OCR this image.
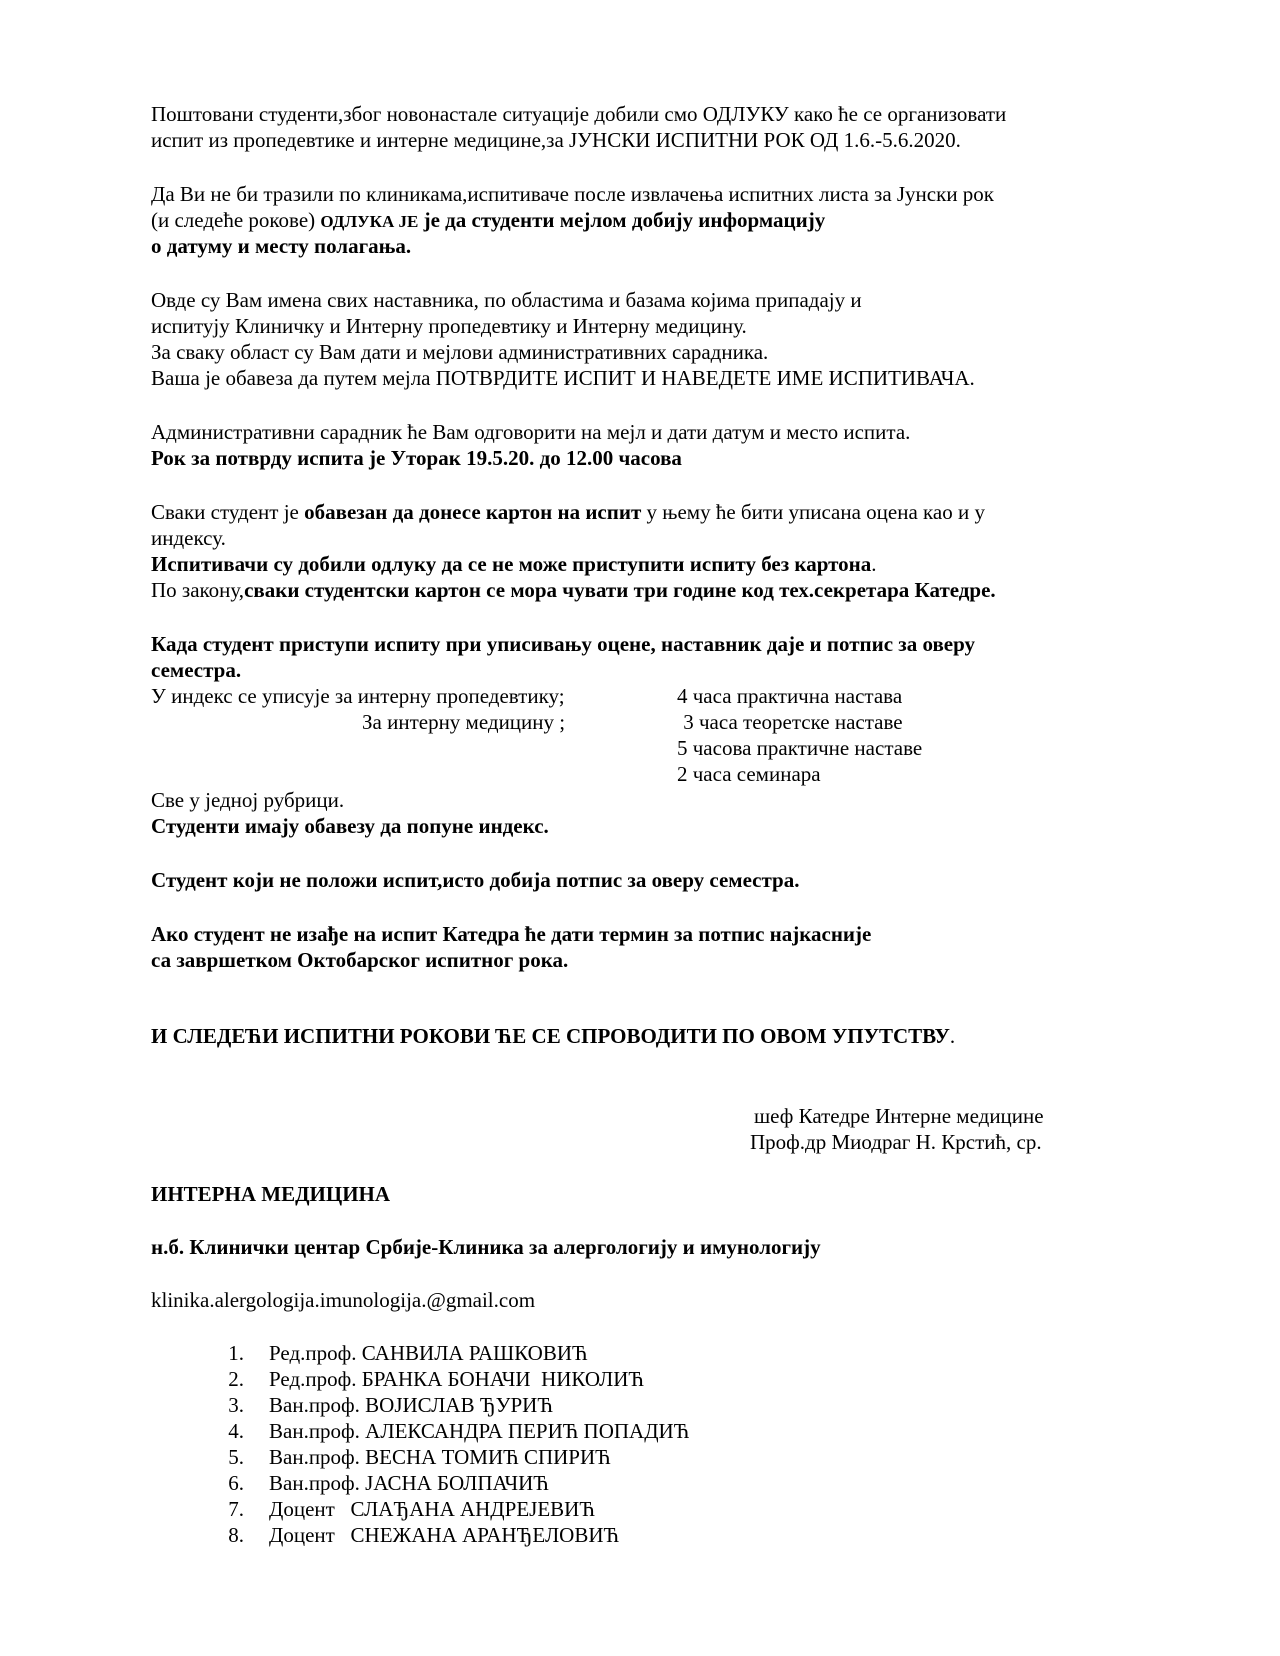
Поштовани студенти,због новонастале ситуације добили смо ОДЛУКУ како ће се организовати
испит из пропедевтике и интерне медицине,за ЈУНСКИ ИСПИТНИ РОК ОД 1.6.-5.6.2020.
Да Ви не би тразили по клиникама,испитиваче после извлачења испитних листа за Јунски рок
(и следеће рокове) ОДЛУКА ЈЕ је да студенти мејлом добију информацију
о датуму и месту полагања.
Овде су Вам имена свих наставника, по областима и базама којима припадају и
испитују Клиничку и Интерну пропедевтику и Интерну медицину.
За сваку област су Вам дати и мејлови административних сарадника.
Ваша је обавеза да путем мејла ПОТВРДИТЕ ИСПИТ И НАВЕДЕТЕ ИМЕ ИСПИТИВАЧА.
Административни сарадник ће Вам одговорити на мејл и дати датум и место испита.
Рок за потврду испита је Уторак 19.5.20. до 12.00 часова
Сваки студент је обавезан да донесе картон на испит у њему ће бити уписана оцена као и у
индексу.
Испитивачи су добили одлуку да се не може приступити испиту без картона.
По закону,сваки студентски картон се мора чувати три године код тех.секретара Катедре.
Када студент приступи испиту при уписивању оцене, наставник даје и потпис за оверу
семестра.
У индекс се уписује за интерну пропедевтику;	4 часа практична настава
За интерну медицину ;	3 часа теоретске наставе
5 часова практичне наставе
2 часа семинара
Све у једној рубрици.
Студенти имају обавезу да попуне индекс.
Студент који не положи испит,исто добија потпис за оверу семестра.
Ако студент не изађе на испит Катедра ће дати термин за потпис најкасније
са завршетком Октобарског испитног рока.
И СЛЕДЕЋИ ИСПИТНИ РОКОВИ ЋЕ СЕ СПРОВОДИТИ ПО ОВОМ УПУТСТВУ.
шеф Катедре Интерне медицине
Проф.др Миодраг Н. Крстић, ср.
ИНТЕРНА МЕДИЦИНА
н.б. Клинички центар Србије-Клиника за алергологију и имунологију
klinika.alergologija.imunologija.@gmail.com
1. Ред.проф. САНВИЛА РАШКОВИЋ
2. Ред.проф. БРАНКА БОНАЧИ  НИКОЛИЋ
3. Ван.проф. ВОЈИСЛАВ ЂУРИЋ
4. Ван.проф. АЛЕКСАНДРА ПЕРИЋ ПОПАДИЋ
5. Ван.проф. ВЕСНА ТОМИЋ СПИРИЋ
6. Ван.проф. ЈАСНА БОЛПАЧИЋ
7. Доцент   СЛАЂАНА АНДРЕЈЕВИЋ
8. Доцент   СНЕЖАНА АРАНЂЕЛОВИЋ
